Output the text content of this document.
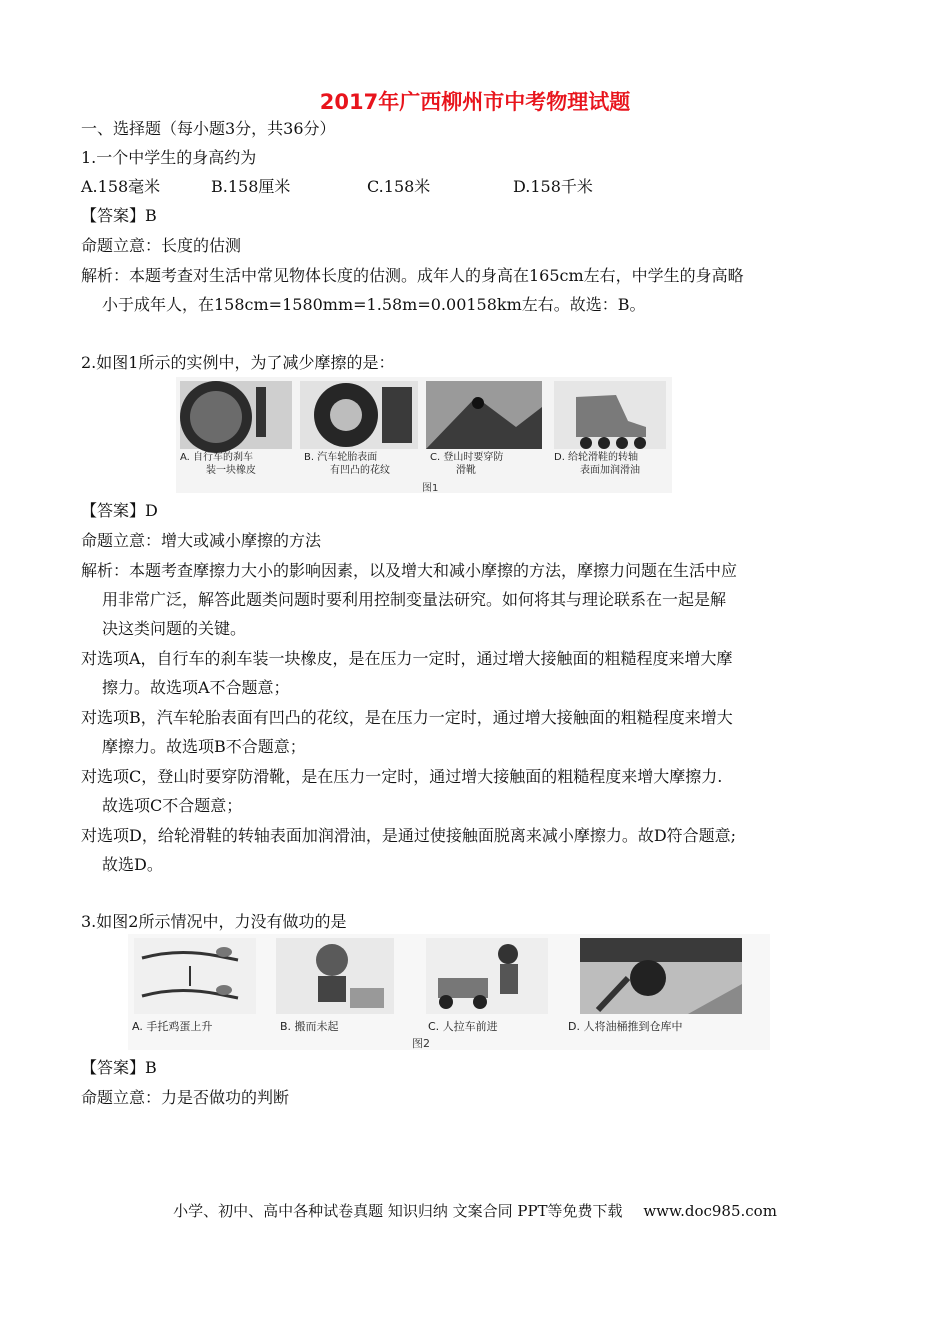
2017年广西柳州市中考物理试题
一、选择题（每小题3分，共36分）
1.一个中学生的身高约为
A.158毫米	B.158厘米	C.158米	D.158千米
【答案】B
命题立意：长度的估测
解析：本题考查对生活中常见物体长度的估测。成年人的身高在165cm左右，中学生的身高略
小于成年人，在158cm=1580mm=1.58m=0.00158km左右。故选：B。
2.如图1所示的实例中，为了减少摩擦的是：
A. 自行车的刹车
装一块橡皮
B. 汽车轮胎表面
有凹凸的花纹
C. 登山时要穿防
滑靴
D. 给轮滑鞋的转轴
表面加润滑油
图1
【答案】D
命题立意：增大或减小摩擦的方法
解析：本题考查摩擦力大小的影响因素，以及增大和减小摩擦的方法，摩擦力问题在生活中应
用非常广泛，解答此题类问题时要利用控制变量法研究。如何将其与理论联系在一起是解
决这类问题的关键。
对选项A，自行车的刹车装一块橡皮，是在压力一定时，通过增大接触面的粗糙程度来增大摩
擦力。故选项A不合题意；
对选项B，汽车轮胎表面有凹凸的花纹，是在压力一定时，通过增大接触面的粗糙程度来增大
摩擦力。故选项B不合题意；
对选项C，登山时要穿防滑靴，是在压力一定时，通过增大接触面的粗糙程度来增大摩擦力.
故选项C不合题意；
对选项D，给轮滑鞋的转轴表面加润滑油，是通过使接触面脱离来减小摩擦力。故D符合题意;
故选D。
3.如图2所示情况中，力没有做功的是
A. 手托鸡蛋上升	B. 搬而未起	C. 人拉车前进	D. 人将油桶推到仓库中
图2
【答案】B
命题立意：力是否做功的判断
小学、初中、高中各种试卷真题 知识归纳 文案合同 PPT等免费下载 www.doc985.com
